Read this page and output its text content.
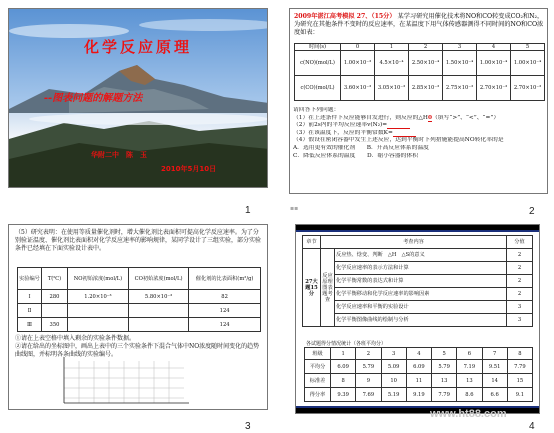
化学反应原理
--图表问题的解题方法
华附二中　陈　玉
2010年5月10日
1
2009年湛江高考模拟 27、（15分） 某学习研究用催化技术将NO和CO转变成CO₂和N₂，为研究在其他条件不变时的反应速率，在某温度下用气体传感器测得不同时间的NO和CO浓度如表：
时间(s)	0	1	2	3	4	5
c(NO)(mol/L)	1.00×10⁻³	4.5×10⁻⁴	2.50×10⁻⁴	1.50×10⁻⁴	1.00×10⁻⁴	1.00×10⁻⁴
c(CO)(mol/L)	3.60×10⁻³	3.05×10⁻³	2.85×10⁻³	2.75×10⁻³	2.70×10⁻³	2.70×10⁻³
请回答下列问题：
（1）在上述条件下反应能够自发进行，则反应的△H0（填写“>”、“<”、“=”）
（2）前2s内的平均反应速率v(N₂)=　　　　
（3）在该温度下，反应的平衡常数K=　　　　
（4）假设在密闭容器中发生上述反应，达到平衡时下列措施能提高NO转化率的是
A．选用更有效的催化剂　　B．升高反应体系的温度
C．降低反应体系的温度　　D．缩小容器的体积
2
▪▪
（5）研究表明：在使用等质量催化剂时，增大催化剂比表面积可提高化学反应速率。为了分别验证温度、催化剂比表面积对化学反应速率的影响规律，某同学设计了三组实验，部分实验条件已经填在下面实验设计表中。
实验编号	T(℃)	NO初始浓度(mol/L)	CO初始浓度(mol/L)	催化剂的比表面积(m²/g)
Ⅰ	280	1.20×10⁻³	5.80×10⁻³	82
Ⅱ				124
Ⅲ	350			124
①请在上表空格中填入剩余的实验条件数据。
②请在给出的坐标图中，画出上表中的三个实验条件下混合气体中NO浓度随时间变化的趋势曲线图，并标明各条曲线的实验编号。
3
章节	考查内容		分值
27大题15分	反应原理图表题考查	反应热、焓变、判断　△H　△S的意义	2
		化学反应速率的表示方法和计算	2
		化学平衡常数的表达式和计算	2
		化学平衡移动和化学反应速率的影响因素	2
		化学反应速率和平衡的实验设计	3
		化学平衡图像曲线的绘制与分析	3
各试题得分情况统计（各班平均分）
班级	1	2	3	4	5	6	7	8
平均分	6.09	5.79	5.09	6.09	5.79	7.19	9.51	7.79
标准差	8	9	10	11	13	13	14	15
得分率	9.39	7.69	5.19	9.19	7.79	8.6	6.6	9.1
4
www.ht88.com
